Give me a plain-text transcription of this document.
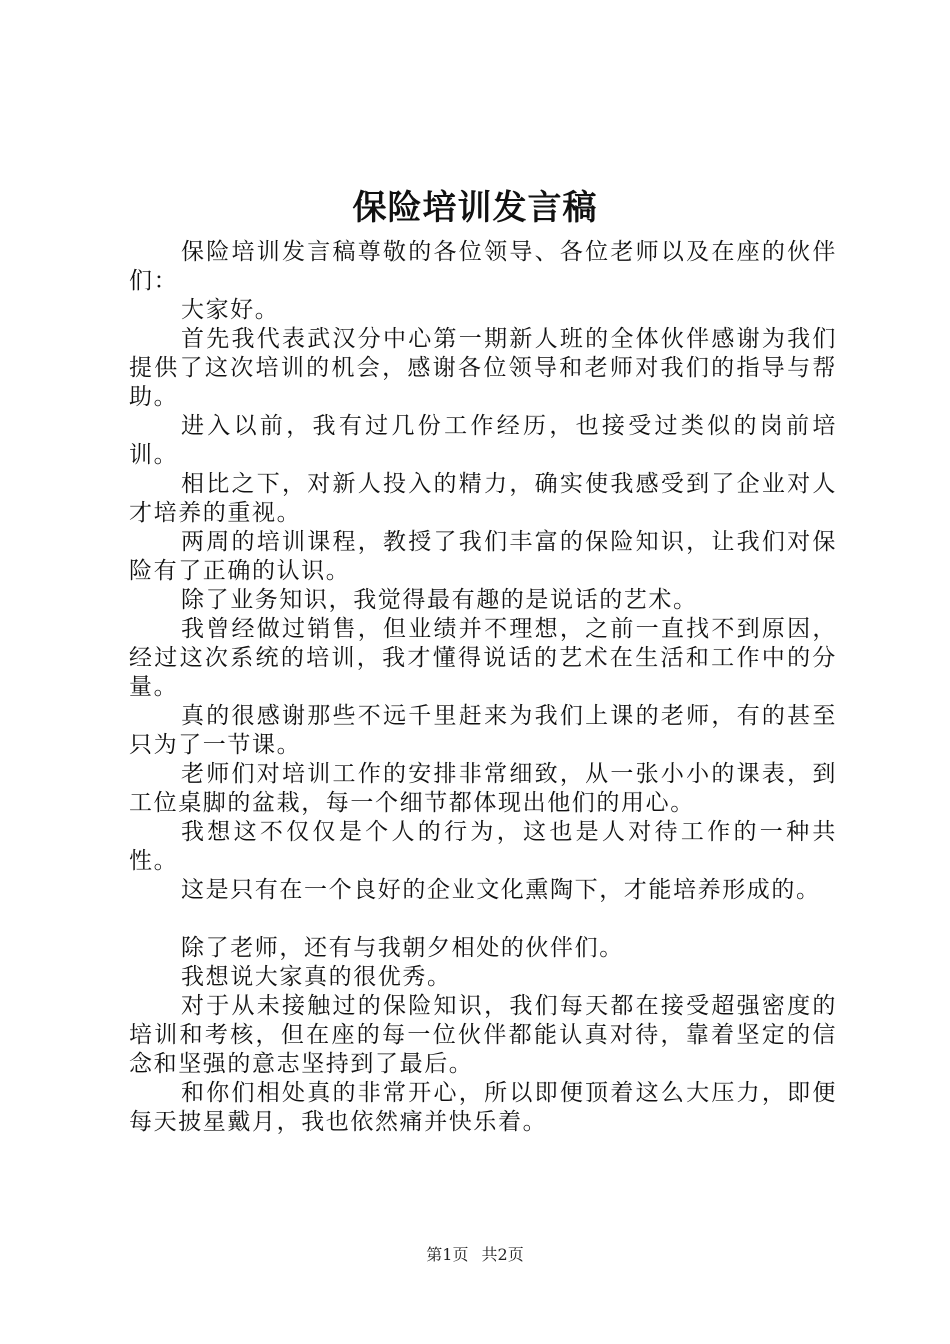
保险培训发言稿

保险培训发言稿尊敬的各位领导、各位老师以及在座的伙伴们：

大家好。

首先我代表武汉分中心第一期新人班的全体伙伴感谢为我们提供了这次培训的机会，感谢各位领导和老师对我们的指导与帮助。

进入以前，我有过几份工作经历，也接受过类似的岗前培训。

相比之下，对新人投入的精力，确实使我感受到了企业对人才培养的重视。

两周的培训课程，教授了我们丰富的保险知识，让我们对保险有了正确的认识。

除了业务知识，我觉得最有趣的是说话的艺术。

我曾经做过销售，但业绩并不理想，之前一直找不到原因，经过这次系统的培训，我才懂得说话的艺术在生活和工作中的分量。

真的很感谢那些不远千里赶来为我们上课的老师，有的甚至只为了一节课。

老师们对培训工作的安排非常细致，从一张小小的课表，到工位桌脚的盆栽，每一个细节都体现出他们的用心。

我想这不仅仅是个人的行为，这也是人对待工作的一种共性。

这是只有在一个良好的企业文化熏陶下，才能培养形成的。

除了老师，还有与我朝夕相处的伙伴们。

我想说大家真的很优秀。

对于从未接触过的保险知识，我们每天都在接受超强密度的培训和考核，但在座的每一位伙伴都能认真对待，靠着坚定的信念和坚强的意志坚持到了最后。

和你们相处真的非常开心，所以即便顶着这么大压力，即便每天披星戴月，我也依然痛并快乐着。

第1页 共2页
